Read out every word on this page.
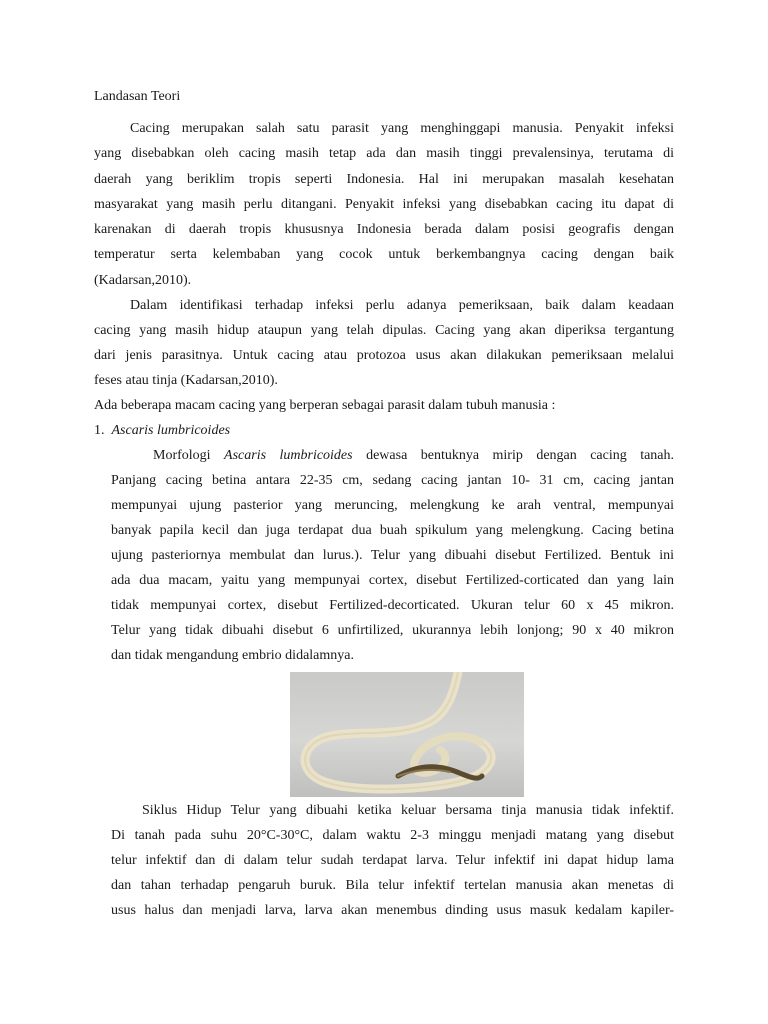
Landasan Teori
Cacing merupakan salah satu parasit yang menghinggapi manusia. Penyakit infeksi
yang disebabkan oleh cacing masih tetap ada dan masih tinggi prevalensinya, terutama di
daerah yang beriklim tropis seperti Indonesia. Hal ini merupakan masalah kesehatan
masyarakat yang masih perlu ditangani. Penyakit infeksi yang disebabkan cacing itu dapat di
karenakan di daerah tropis khususnya Indonesia berada dalam posisi geografis dengan
temperatur serta kelembaban yang cocok untuk berkembangnya cacing dengan baik
(Kadarsan,2010).
Dalam identifikasi terhadap infeksi perlu adanya pemeriksaan, baik dalam keadaan
cacing yang masih hidup ataupun yang telah dipulas. Cacing yang akan diperiksa tergantung
dari jenis parasitnya. Untuk cacing atau protozoa usus akan dilakukan pemeriksaan melalui
feses atau tinja (Kadarsan,2010).
Ada beberapa macam cacing yang berperan sebagai parasit dalam tubuh manusia :
1. Ascaris lumbricoides
Morfologi Ascaris lumbricoides dewasa bentuknya mirip dengan cacing tanah.
Panjang cacing betina antara 22-35 cm, sedang cacing jantan 10- 31 cm, cacing jantan
mempunyai ujung pasterior yang meruncing, melengkung ke arah ventral, mempunyai
banyak papila kecil dan juga terdapat dua buah spikulum yang melengkung. Cacing betina
ujung pasteriornya membulat dan lurus.). Telur yang dibuahi disebut Fertilized. Bentuk ini
ada dua macam, yaitu yang mempunyai cortex, disebut Fertilized-corticated dan yang lain
tidak mempunyai cortex, disebut Fertilized-decorticated. Ukuran telur 60 x 45 mikron.
Telur yang tidak dibuahi disebut 6 unfirtilized, ukurannya lebih lonjong; 90 x 40 mikron
dan tidak mengandung embrio didalamnya.
Siklus Hidup Telur yang dibuahi ketika keluar bersama tinja manusia tidak infektif.
Di tanah pada suhu 20°C-30°C, dalam waktu 2-3 minggu menjadi matang yang disebut
telur infektif dan di dalam telur sudah terdapat larva. Telur infektif ini dapat hidup lama
dan tahan terhadap pengaruh buruk. Bila telur infektif tertelan manusia akan menetas di
usus halus dan menjadi larva, larva akan menembus dinding usus masuk kedalam kapiler-
